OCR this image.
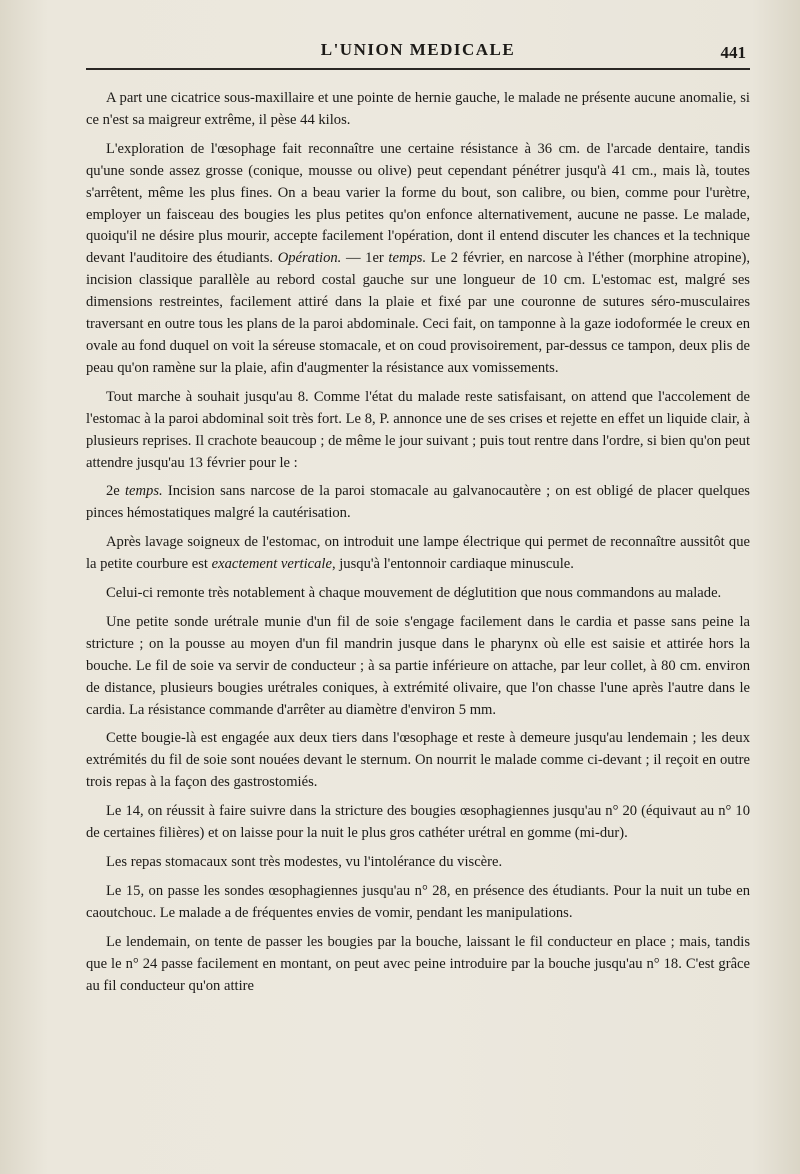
L'UNION MEDICALE	441

A part une cicatrice sous-maxillaire et une pointe de hernie gauche, le malade ne présente aucune anomalie, si ce n'est sa maigreur extrême, il pèse 44 kilos.

L'exploration de l'œsophage fait reconnaître une certaine résistance à 36 cm. de l'arcade dentaire, tandis qu'une sonde assez grosse (conique, mousse ou olive) peut cependant pénétrer jusqu'à 41 cm., mais là, toutes s'arrêtent, même les plus fines. On a beau varier la forme du bout, son calibre, ou bien, comme pour l'urètre, employer un faisceau des bougies les plus petites qu'on enfonce alternativement, aucune ne passe. Le malade, quoiqu'il ne désire plus mourir, accepte facilement l'opération, dont il entend discuter les chances et la technique devant l'auditoire des étudiants. Opération. — 1er temps. Le 2 février, en narcose à l'éther (morphine atropine), incision classique parallèle au rebord costal gauche sur une longueur de 10 cm. L'estomac est, malgré ses dimensions restreintes, facilement attiré dans la plaie et fixé par une couronne de sutures séro-musculaires traversant en outre tous les plans de la paroi abdominale. Ceci fait, on tamponne à la gaze iodoformée le creux en ovale au fond duquel on voit la séreuse stomacale, et on coud provisoirement, par-dessus ce tampon, deux plis de peau qu'on ramène sur la plaie, afin d'augmenter la résistance aux vomissements.

Tout marche à souhait jusqu'au 8. Comme l'état du malade reste satisfaisant, on attend que l'accolement de l'estomac à la paroi abdominal soit très fort. Le 8, P. annonce une de ses crises et rejette en effet un liquide clair, à plusieurs reprises. Il crachote beaucoup ; de même le jour suivant ; puis tout rentre dans l'ordre, si bien qu'on peut attendre jusqu'au 13 février pour le :

2e temps. Incision sans narcose de la paroi stomacale au galvanocautère ; on est obligé de placer quelques pinces hémostatiques malgré la cautérisation.

Après lavage soigneux de l'estomac, on introduit une lampe électrique qui permet de reconnaître aussitôt que la petite courbure est exactement verticale, jusqu'à l'entonnoir cardiaque minuscule.

Celui-ci remonte très notablement à chaque mouvement de déglutition que nous commandons au malade.

Une petite sonde urétrale munie d'un fil de soie s'engage facilement dans le cardia et passe sans peine la stricture ; on la pousse au moyen d'un fil mandrin jusque dans le pharynx où elle est saisie et attirée hors la bouche. Le fil de soie va servir de conducteur ; à sa partie inférieure on attache, par leur collet, à 80 cm. environ de distance, plusieurs bougies urétrales coniques, à extrémité olivaire, que l'on chasse l'une après l'autre dans le cardia. La résistance commande d'arrêter au diamètre d'environ 5 mm.

Cette bougie-là est engagée aux deux tiers dans l'œsophage et reste à demeure jusqu'au lendemain ; les deux extrémités du fil de soie sont nouées devant le sternum. On nourrit le malade comme ci-devant ; il reçoit en outre trois repas à la façon des gastrostomiés.

Le 14, on réussit à faire suivre dans la stricture des bougies œsophagiennes jusqu'au n° 20 (équivaut au n° 10 de certaines filières) et on laisse pour la nuit le plus gros cathéter urétral en gomme (mi-dur).

Les repas stomacaux sont très modestes, vu l'intolérance du viscère.

Le 15, on passe les sondes œsophagiennes jusqu'au n° 28, en présence des étudiants. Pour la nuit un tube en caoutchouc. Le malade a de fréquentes envies de vomir, pendant les manipulations.

Le lendemain, on tente de passer les bougies par la bouche, laissant le fil conducteur en place ; mais, tandis que le n° 24 passe facilement en montant, on peut avec peine introduire par la bouche jusqu'au n° 18. C'est grâce au fil conducteur qu'on attire
